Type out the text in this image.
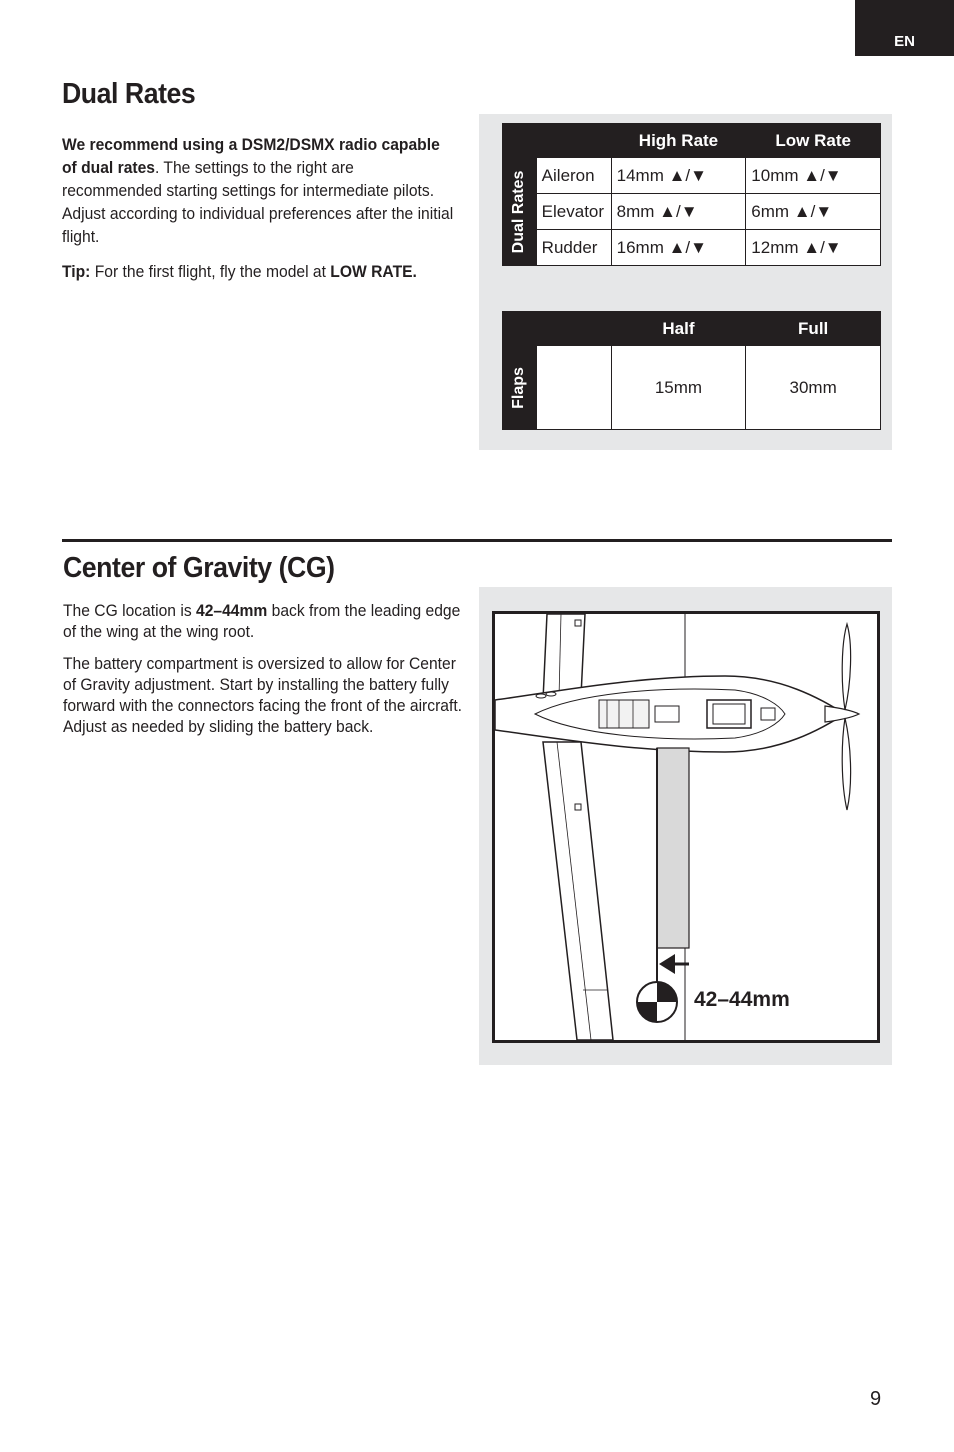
EN
Dual Rates

We recommend using a DSM2/DSMX radio capable of dual rates. The settings to the right are recommended starting settings for intermediate pilots. Adjust according to individual preferences after the initial flight.

Tip: For the first flight, fly the model at LOW RATE.

	High Rate	Low Rate
Dual Rates	Aileron	14mm ▲/▼	10mm ▲/▼
	Elevator	8mm ▲/▼	6mm ▲/▼
	Rudder	16mm ▲/▼	12mm ▲/▼
	Half	Full
Flaps		15mm	30mm
Center of Gravity (CG)

The CG location is 42–44mm back from the leading edge of the wing at the wing root.

The battery compartment is oversized to allow for Center of Gravity adjustment. Start by installing the battery fully forward with the connectors facing the front of the aircraft. Adjust as needed by sliding the battery back.

42–44mm
9
